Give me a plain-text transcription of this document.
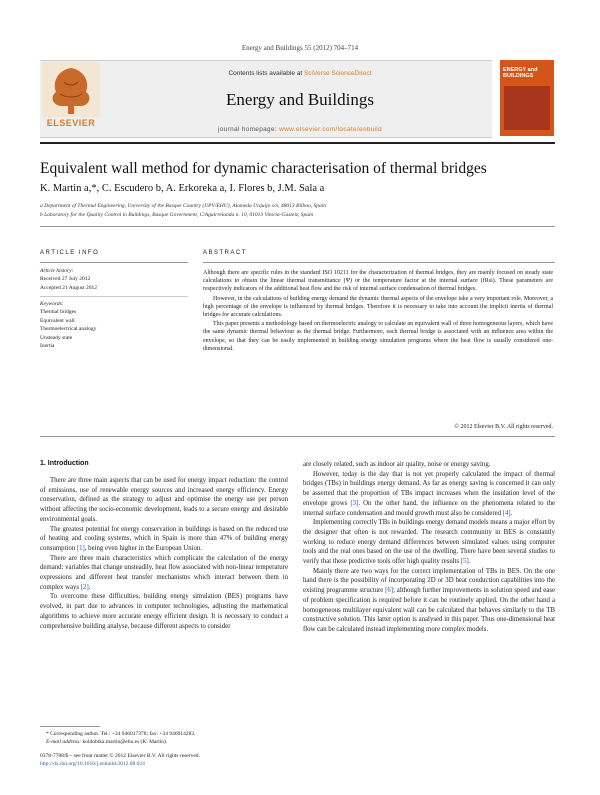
Energy and Buildings 55 (2012) 704–714
ELSEVIER
Contents lists available at SciVerse ScienceDirect
Energy and Buildings
journal homepage: www.elsevier.com/locate/enbuild
ENERGY and BUILDINGS
Equivalent wall method for dynamic characterisation of thermal bridges
K. Martin a,*, C. Escudero b, A. Erkoreka a, I. Flores b, J.M. Sala a
a Department of Thermal Engineering, University of the Basque Country (UPV/EHU), Alameda Urquijo s/n, 48013 Bilbao, Spain
b Laboratory for the Quality Control in Buildings, Basque Government, C/Aguirrelanda n. 10, 01013 Vitoria-Gasteiz, Spain
ARTICLE INFO
Article history:
Received 27 July 2012
Accepted 21 August 2012
Keywords:
Thermal bridges
Equivalent wall
Thermoelectrical analogy
Unsteady state
Inertia
ABSTRACT

Although there are specific rules in the standard ISO 10211 for the characterization of thermal bridges, they are mainly focused on steady state calculations to obtain the linear thermal transmittance (Ψ) or the temperature factor at the internal surface (fRsi). These parameters are respectively indicators of the additional heat flow and the risk of internal surface condensation of thermal bridges.

However, in the calculations of building energy demand the dynamic thermal aspects of the envelope take a very important role. Moreover, a high percentage of the envelope is influenced by thermal bridges. Therefore it is necessary to take into account the implicit inertia of thermal bridges for accurate calculations.

This paper presents a methodology based on thermoelectric analogy to calculate an equivalent wall of three homogeneous layers, which have the same dynamic thermal behaviour as the thermal bridge. Furthermore, each thermal bridge is associated with an influence area within the envelope, so that they can be easily implemented in building energy simulation programs where the heat flow is usually considered one-dimensional.

© 2012 Elsevier B.V. All rights reserved.
1. Introduction

There are three main aspects that can be used for energy impact reduction: the control of emissions, use of renewable energy sources and increased energy efficiency. Energy conservation, defined as the strategy to adjust and optimise the energy use per person without affecting the socio-economic development, leads to a secure energy and desirable environmental goals.

The greatest potential for energy conservation in buildings is based on the reduced use of heating and cooling systems, which in Spain is more than 47% of building energy consumption [1], being even higher in the European Union.

There are three main characteristics which complicate the calculation of the energy demand: variables that change unsteadily, heat flow associated with non-linear temperature expressions and different heat transfer mechanisms which interact between them in complex ways [2].

To overcome these difficulties, building energy simulation (BES) programs have evolved, in part due to advances in computer technologies, adjusting the mathematical algorithms to achieve more accurate energy efficient design. It is necessary to conduct a comprehensive building analyse, because different aspects to consider

are closely related, such as indoor air quality, noise or energy saving.

However, today is the day that is not yet properly calculated the impact of thermal bridges (TBs) in buildings energy demand. As far as energy saving is concerned it can only be asserted that the proportion of TBs impact increases when the insulation level of the envelope grows [3]. On the other hand, the influence on the phenomena related to the internal surface condensation and mould growth must also be considered [4].

Implementing correctly TBs in buildings energy demand models means a major effort by the designer that often is not rewarded. The research community in BES is constantly working to reduce energy demand differences between simulated values using computer tools and the real ones based on the use of the dwelling. There have been several studies to verify that these predictive tools offer high quality results [5].

Mainly there are two ways for the correct implementation of TBs in BES. On the one hand there is the possibility of incorporating 2D or 3D heat conduction capabilities into the existing programme structure [6]; although further improvements in solution speed and ease of problem specification is required before it can be routinely applied. On the other hand a homogeneous multilayer equivalent wall can be calculated that behaves similarly to the TB constructive solution. This latter option is analysed in this paper. Thus one-dimensional heat flow can be calculated instead implementing more complex models.

* Corresponding author. Tel.: +34 946017378; fax: +34 946014283.
E-mail address: koldobika.martin@ehu.es (K. Martin).
0378-7788/$ – see front matter © 2012 Elsevier B.V. All rights reserved.
http://dx.doi.org/10.1016/j.enbuild.2012.08.024
